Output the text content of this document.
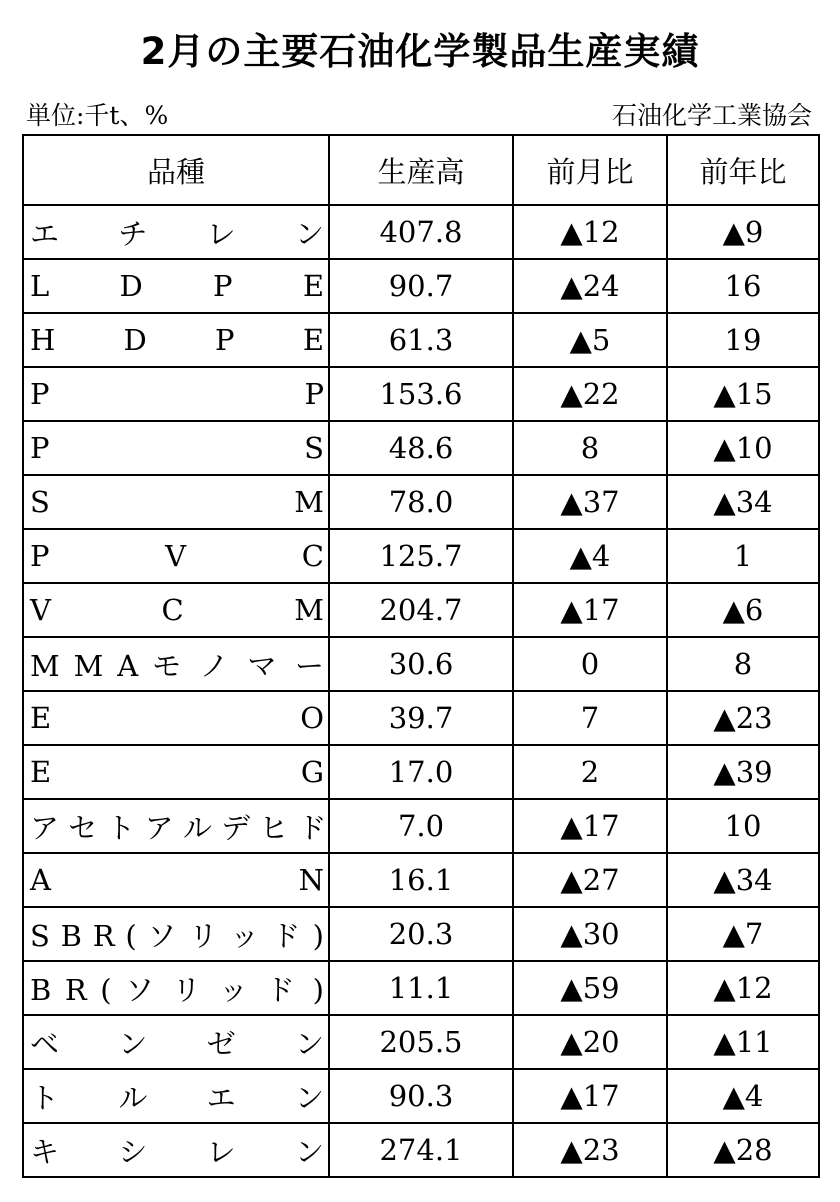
2月の主要石油化学製品生産実績
単位:千t、%	石油化学工業協会
品種	生産高	前月比	前年比
エ チ レ ン	407.8	▲12	▲9
L D P E	90.7	▲24	16
H D P E	61.3	▲5	19
P P	153.6	▲22	▲15
P S	48.6	8	▲10
S M	78.0	▲37	▲34
P V C	125.7	▲4	1
V C M	204.7	▲17	▲6
M M A モ ノ マ ー	30.6	0	8
E O	39.7	7	▲23
E G	17.0	2	▲39
ア セ ト ア ル デ ヒ ド	7.0	▲17	10
A N	16.1	▲27	▲34
S B R ( ソ リ ッ ド )	20.3	▲30	▲7
B R ( ソ リ ッ ド )	11.1	▲59	▲12
ベ ン ゼ ン	205.5	▲20	▲11
ト ル エ ン	90.3	▲17	▲4
キ シ レ ン	274.1	▲23	▲28
